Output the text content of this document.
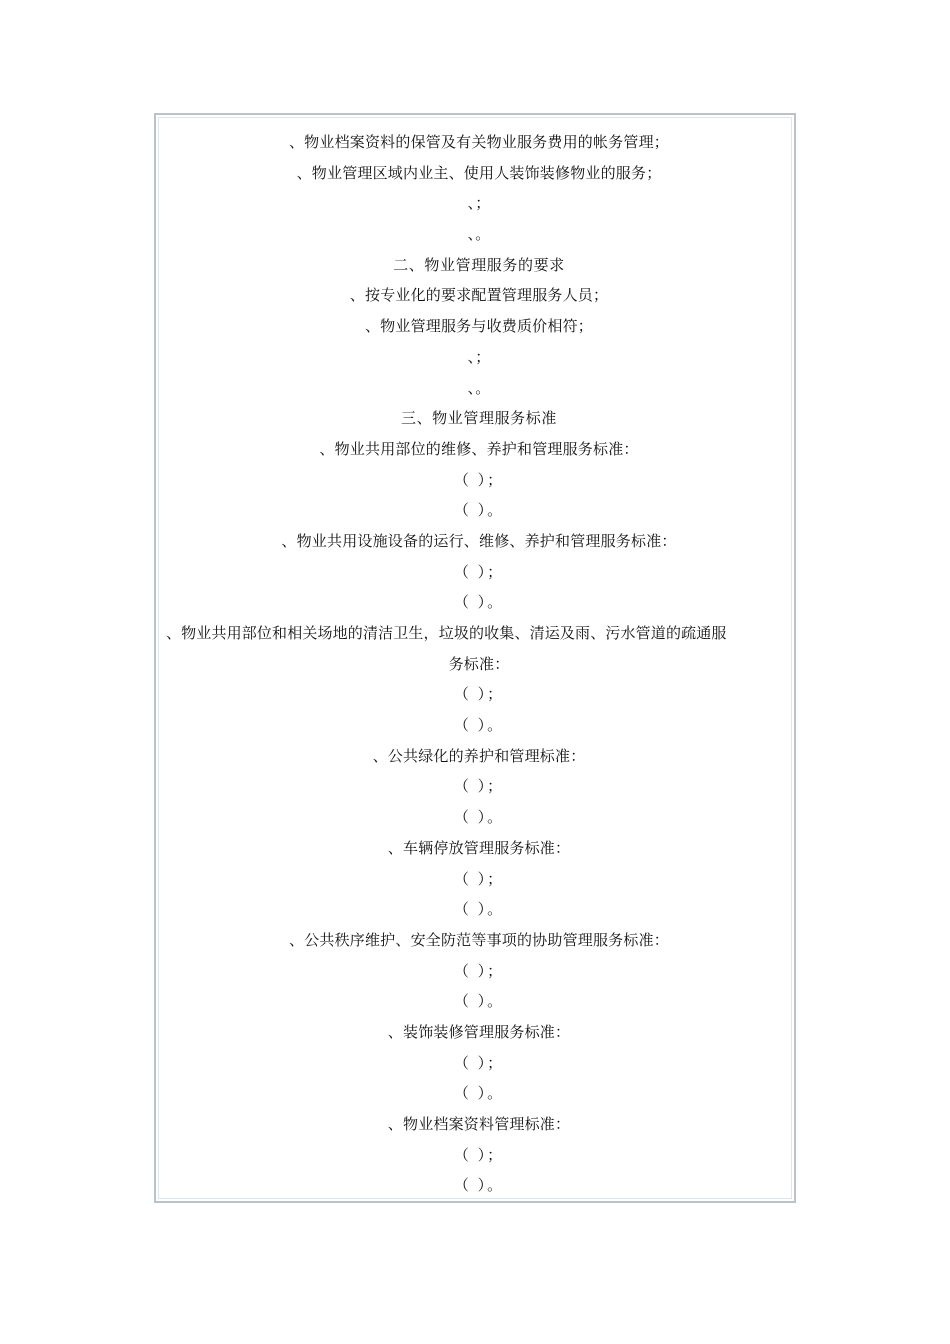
、物业档案资料的保管及有关物业服务费用的帐务管理；
、物业管理区域内业主、使用人装饰装修物业的服务；
、；
、。
二、物业管理服务的要求
、按专业化的要求配置管理服务人员；
、物业管理服务与收费质价相符；
、；
、。
三、物业管理服务标准
、物业共用部位的维修、养护和管理服务标准：
（ ）；
（ ）。
、物业共用设施设备的运行、维修、养护和管理服务标准：
（ ）；
（ ）。
、物业共用部位和相关场地的清洁卫生，垃圾的收集、清运及雨、污水管道的疏通服
务标准：
（ ）；
（ ）。
、公共绿化的养护和管理标准：
（ ）；
（ ）。
、车辆停放管理服务标准：
（ ）；
（ ）。
、公共秩序维护、安全防范等事项的协助管理服务标准：
（ ）；
（ ）。
、装饰装修管理服务标准：
（ ）；
（ ）。
、物业档案资料管理标准：
（ ）；
（ ）。
